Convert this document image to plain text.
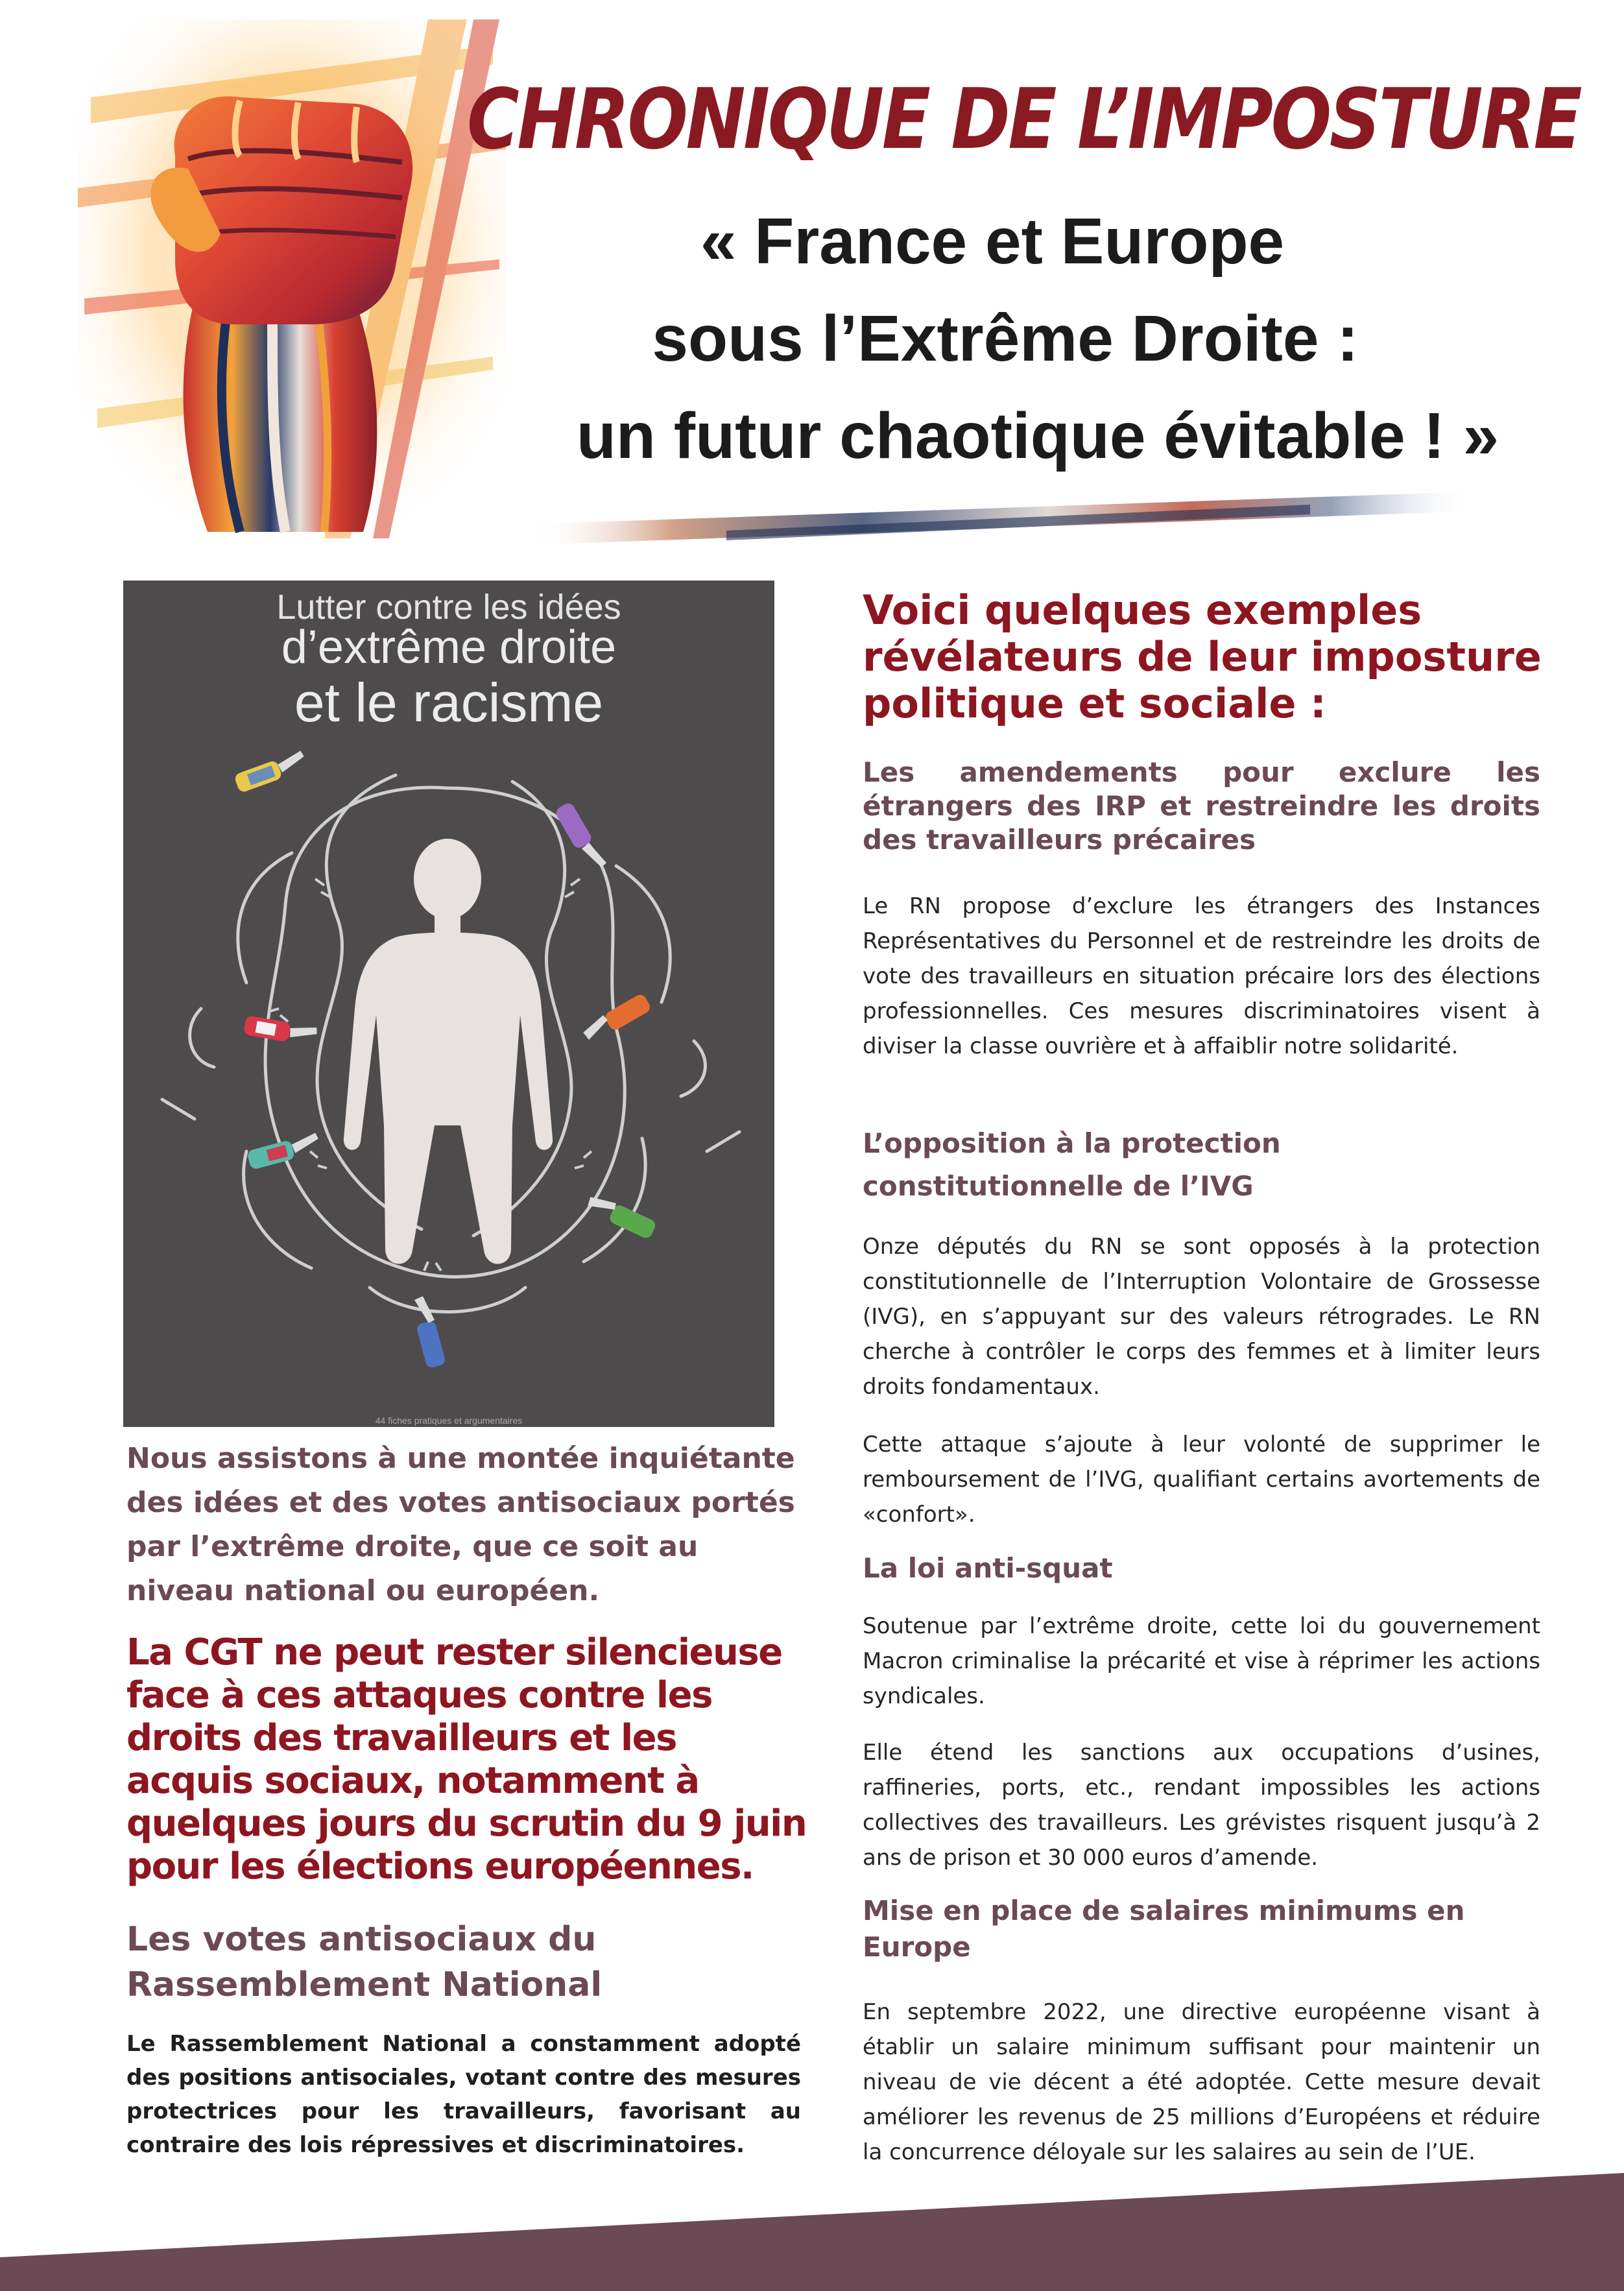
CHRONIQUE DE L’IMPOSTURE
« France et Europe
sous l’Extrême Droite :
un futur chaotique évitable ! »
Lutter contre les idées
d’extrême droite
et le racisme
44 fiches pratiques et argumentaires
Nous assistons à une montée inquiétante des idées et des votes antisociaux portés par l’extrême droite, que ce soit au niveau national ou européen.
La CGT ne peut rester silencieuse face à ces attaques contre les droits des travailleurs et les acquis sociaux, notamment à quelques jours du scrutin du 9 juin pour les élections européennes.
Les votes antisociaux du Rassemblement National
Le Rassemblement National a constamment adopté des positions antisociales, votant contre des mesures protectrices pour les travailleurs, favorisant au contraire des lois répressives et discriminatoires.
Voici quelques exemples révélateurs de leur imposture politique et sociale :
Les amendements pour exclure les étrangers des IRP et restreindre les droits des travailleurs précaires
Le RN propose d’exclure les étrangers des Instances Représentatives du Personnel et de restreindre les droits de vote des travailleurs en situation précaire lors des élections professionnelles. Ces mesures discriminatoires visent à diviser la classe ouvrière et à affaiblir notre solidarité.
L’opposition à la protection constitutionnelle de l’IVG
Onze députés du RN se sont opposés à la protection constitutionnelle de l’Interruption Volontaire de Grossesse (IVG), en s’appuyant sur des valeurs rétrogrades. Le RN cherche à contrôler le corps des femmes et à limiter leurs droits fondamentaux.
Cette attaque s’ajoute à leur volonté de supprimer le remboursement de l’IVG, qualifiant certains avortements de «confort».
La loi anti-squat
Soutenue par l’extrême droite, cette loi du gouvernement Macron criminalise la précarité et vise à réprimer les actions syndicales.
Elle étend les sanctions aux occupations d’usines, raffineries, ports, etc., rendant impossibles les actions collectives des travailleurs. Les grévistes risquent jusqu’à 2 ans de prison et 30 000 euros d’amende.
Mise en place de salaires minimums en Europe
En septembre 2022, une directive européenne visant à établir un salaire minimum suffisant pour maintenir un niveau de vie décent a été adoptée. Cette mesure devait améliorer les revenus de 25 millions d’Européens et réduire la concurrence déloyale sur les salaires au sein de l’UE.
